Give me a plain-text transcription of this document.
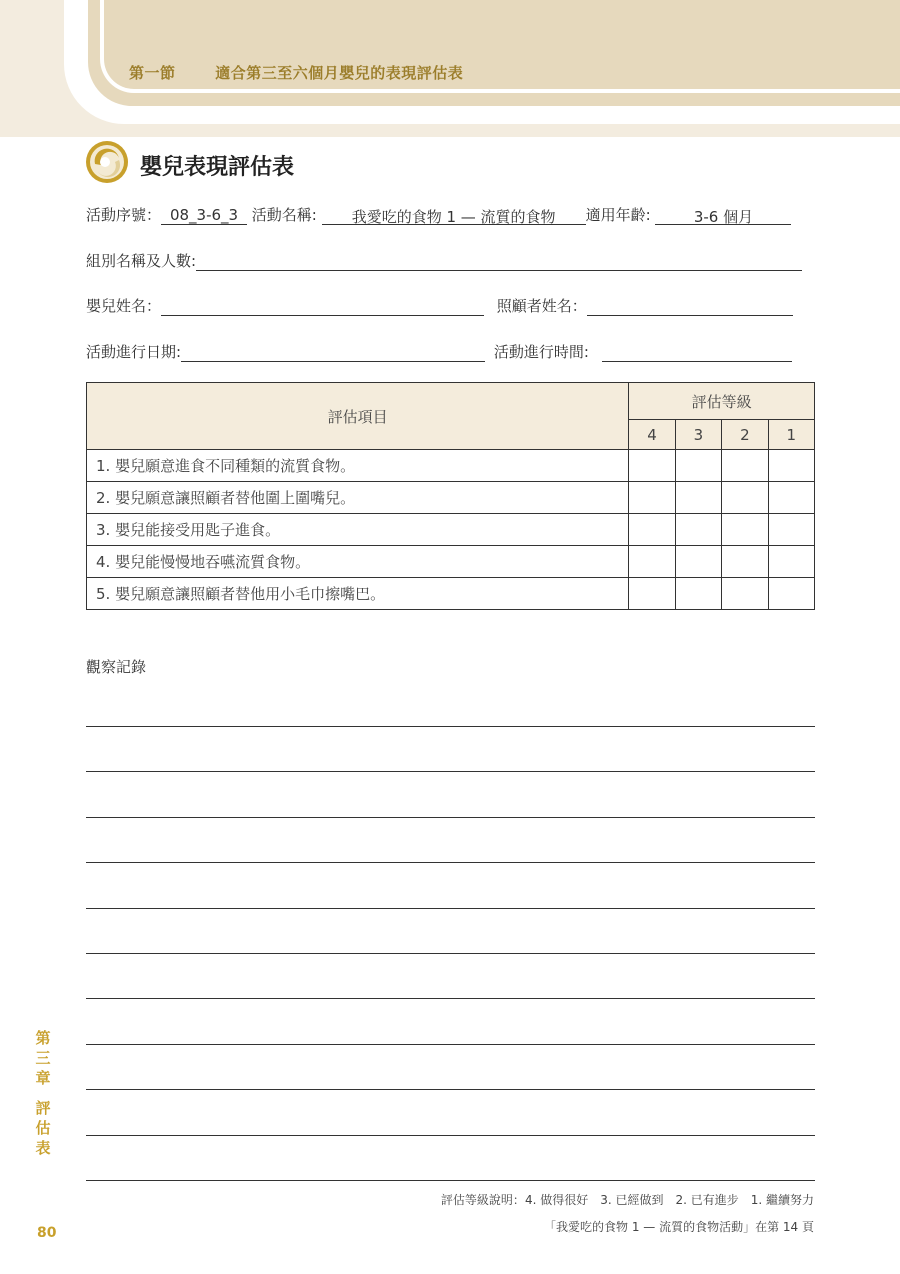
第一節	適合第三至六個月嬰兒的表現評估表
嬰兒表現評估表
活動序號： 08_3-6_3 活動名稱: 我愛吃的食物 1 — 流質的食物 適用年齡:	3-6 個月
組別名稱及人數:
嬰兒姓名：	照顧者姓名：
活動進行日期:	活動進行時間:
評估項目	評估等級			
	4	3	2	1
1. 嬰兒願意進食不同種類的流質食物。				
2. 嬰兒願意讓照顧者替他圍上圍嘴兒。				
3. 嬰兒能接受用匙子進食。				
4. 嬰兒能慢慢地吞嚥流質食物。				
5. 嬰兒願意讓照顧者替他用小毛巾擦嘴巴。				
觀察記錄
第三章
評估表
評估等級說明：4. 做得很好 3. 已經做到 2. 已有進步 1. 繼續努力
「我愛吃的食物 1 — 流質的食物活動」在第 14 頁
80
